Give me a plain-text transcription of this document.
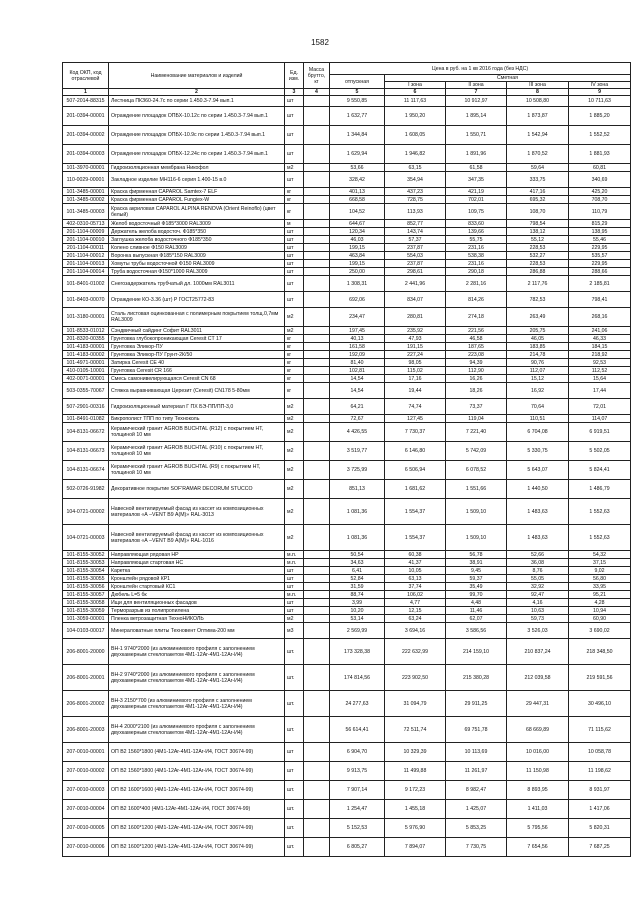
1582
Код ОКП, код отраслевой	Наименование материалов и изделий	Ед. изм.	Масса брутто, кг	Цена в руб. на 1 кв 2016 года (без НДС)				
				отпускная	Сметная			
					I зона	II зона	III зона	IV зона
1	2	3	4	5	6	7	8	9
507-2014-88315	Лестница ПКЗ60-24.7с по серии 1.450.3-7.94 вып.1	шт		9 550,85	11 117,63	10 912,97	10 508,80	10 711,63
201-0394-00001	Ограждение площадок ОПБХ-10.12с по серии 1.450.3-7.94 вып.1	шт		1 632,77	1 950,20	1 895,14	1 873,87	1 885,20
201-0394-00002	Ограждение площадок ОПБХ-10.9с по серии 1.450.3-7.94 вып.1	шт		1 344,84	1 608,05	1 550,71	1 542,94	1 552,52
201-0394-00003	Ограждение площадок ОПБХ-12.24с по серии 1.450.3-7.94 вып.1	шт		1 629,94	1 946,82	1 891,96	1 870,52	1 881,93
101-3970-00001	Гидроизоляционная мембрана Никофол	м2		53,66	63,15	61,58	59,64	60,81
110-0029-00001	Закладное изделие МН116-6 серия 1.400-15 в.0	шт		328,42	354,94	347,35	333,75	340,69
101-3485-00001	Краска фирменная CAPAROL Samtex-7 ELF	кг		401,13	437,23	421,19	417,16	425,20
101-3485-00002	Краска фирменная CAPAROL Fungiex-W	кг		668,58	728,75	702,01	695,32	708,70
101-3485-00003	Краска акриловая CAPAROL ALPINA RENOVA (Orient Reinoflo) (цвет белый)	кг		104,52	113,93	109,75	108,70	110,79
402-0310-05713	Желоб водосточный Ф185*3000 RAL3009	м		644,67	852,77	833,60	798,54	815,29
201-1104-00009	Держатель желоба водосточ. Ф185*350	шт		120,34	143,74	139,66	138,12	138,95
201-1104-00010	Заглушка желоба водосточного Ф185*350	шт		46,03	57,37	55,75	55,12	55,46
201-1104-00011	Колено сливное Ф150 RAL3009	шт		199,15	237,87	231,16	228,53	229,95
201-1104-00012	Воронка выпускная Ф185*150 RAL3009	шт		463,84	554,03	538,38	532,27	535,57
201-1104-00013	Хомуты трубы водосточной Ф150 RAL3009	шт		199,15	237,87	231,16	228,53	229,95
201-1104-00014	Труба водосточная Ф150*1000 RAL3009	шт		250,00	298,61	290,18	286,88	288,66
101-8401-01002	Снегозадержатель трубчатый дл. 1000мм RAL3011	шт		1 308,31	2 441,96	2 281,16	2 117,76	2 185,81
101-8403-00070	Ограждение КО-3.36 (шт) Р ГОСТ25772-83	шт		692,06	834,07	814,26	782,53	798,41
101-3180-00001	Сталь листовая оцинкованная с полимерным покрытием толщ.0,7мм RAL3009	м2		234,47	280,81	274,18	263,49	268,16
101-8533-01012	Сэндвичный сайдинг Софит RAL3011	м2		197,45	235,92	221,56	205,75	241,06
201-8320-00355	Грунтовка глубокопроникающая Ceresit CT 17	кг		40,13	47,93	46,58	46,05	46,33
101-4183-00001	Грунтовка Эликор-ПУ	кг		161,58	191,15	187,65	183,85	184,15
101-4183-00002	Грунтовка Эликор-ПУ Грунт-2К/50	кг		192,09	227,24	223,08	214,78	218,92
101-4971-00001	Затирка Ceresit CE 40	кг		81,40	98,05	94,39	90,76	92,53
410-0105-10001	Грунтовка Ceresit CR 166	кг		102,81	115,02	112,90	112,07	112,52
402-0071-00001	Смесь самонивелирующаяся Ceresit CN 68	кг		14,54	17,16	16,26	15,12	15,64
503-0355-70067	Стяжка выравнивающая Церезит (Ceresit) CN178 5-80мм	кг		14,54	19,44	18,26	16,92	17,44
507-2901-00316	Гидроизоляционный материал Г ПХ БЭ-ПП/ПП-3,0	м2		64,21	74,74	73,37	70,64	72,01
101-8491-01082	Бикрополист ТПП по типу Техноколь	м2		72,67	127,45	119,04	110,51	114,07
104-8131-06672	Керамический гранит AGROB BUCHTAL (R12) с покрытием HT, толщиной 10 мм	м2		4 426,55	7 730,37	7 221,40	6 704,08	6 919,51
104-8131-06673	Керамический гранит AGROB BUCHTAL (R10) с покрытием HT, толщиной 10 мм	м2		3 519,77	6 146,80	5 742,09	5 330,75	5 502,05
104-8131-06674	Керамический гранит AGROB BUCHTAL (R9) с покрытием HT, толщиной 10 мм	м2		3 725,99	6 506,94	6 078,52	5 643,07	5 824,41
502-0726-91982	Декоративное покрытие SOF'RAMAR DECORUM STUCCO	м2		851,13	1 681,62	1 551,66	1 440,50	1 486,79
104-0721-00002	Навесной вентилируемый фасад из кассет из композиционных материалов «А –VENT В9 А(М)» RAL-3013	м2		1 081,36	1 554,37	1 509,10	1 483,63	1 552,63
104-0721-00003	Навесной вентилируемый фасад из кассет из композиционных материалов «А –VENT В9 А(М)» RAL-1016	м2		1 081,36	1 554,37	1 509,10	1 483,63	1 552,63
101-8155-30052	Направляющая рядовая НР	м.п.		50,54	60,38	56,78	52,66	54,32
101-8155-30053	Направляющая стартовая НС	м.п.		34,63	41,37	38,91	36,08	37,15
101-8155-30054	Каретка	шт		6,41	10,05	9,45	8,76	9,02
101-8155-30055	Кронштейн рядовой КР1	шт		52,84	63,13	59,37	55,05	56,80
101-8155-30056	Кронштейн стартовый КС1	шт		31,59	37,74	35,49	32,92	33,95
101-8155-30057	Дюбель L=5 бк	м.п.		88,74	106,02	99,70	92,47	95,21
101-8155-30058	Ищи для вентиляционных фасадов	шт		3,99	4,77	4,48	4,16	4,28
101-8155-30059	Терморазрыв из полипропилена	шт		10,20	12,15	11,46	10,63	10,94
101-3059-00001	Пленка ветрозащитная ТехноНИКОЛЬ	м2		53,14	63,24	62,07	59,73	60,90
104-0103-00017	Минераловатные плиты Техновент Оптима-200 мм	м3		2 569,99	3 694,16	3 586,56	3 526,03	3 690,02
206-8001-20000	ВН-1 9740*2000 (из алюминиевого профиля с заполнением двухкамерным стеклопакетом 4М1-12Ar-4М1-12Ar-И4)	шт.		173 328,38	222 632,99	214 159,10	210 837,24	218 348,50
206-8001-20001	ВН-2 9740*2000 (из алюминиевого профиля с заполнением двухкамерным стеклопакетом 4М1-12Ar-4М1-12Ar-И4)	шт.		174 814,56	223 902,50	215 380,28	212 039,58	219 591,56
206-8001-20002	ВН-3 2150*700 (из алюминиевого профиля с заполнением двухкамерным стеклопакетом 4М1-12Ar-4М1-12Ar-И4)	шт.		24 277,63	31 094,79	29 911,25	29 447,31	30 496,10
206-8001-20003	ВН-4 2000*2100 (из алюминиевого профиля с заполнением двухкамерным стеклопакетом 4М1-12Ar-4М1-12Ar-И4)	шт.		56 614,41	72 511,74	69 751,78	68 669,89	71 115,62
207-0010-00001	ОП В2 1560*1800 (4М1-12Ar-4М1-12Ar-И4, ГОСТ 30674-99)	шт		6 904,70	10 329,39	10 113,69	10 016,00	10 058,78
207-0010-00002	ОП В2 1560*1800 (4М1-12Ar-4М1-12Ar-И4, ГОСТ 30674-99)	шт		9 913,75	11 499,88	11 261,97	11 150,98	11 198,62
207-0010-00003	ОП В2 1600*1600 (4М1-12Ar-4М1-12Ar-И4, ГОСТ 30674-99)	шт.		7 907,14	9 172,23	8 982,47	8 893,95	8 931,97
207-0010-00004	ОП В2 1600*400 (4М1-12Ar-4М1-12Ar-И4, ГОСТ 30674-99)	шт.		1 254,47	1 455,18	1 425,07	1 411,03	1 417,06
207-0010-00005	ОП В2 1600*1200 (4М1-12Ar-4М1-12Ar-И4, ГОСТ 30674-99)	шт.		5 152,53	5 976,90	5 853,25	5 795,56	5 820,31
207-0010-00006	ОП В2 1600*1200 (4М1-12Ar-4М1-12Ar-И4, ГОСТ 30674-99)	шт.		6 805,27	7 894,07	7 730,75	7 654,56	7 687,25
